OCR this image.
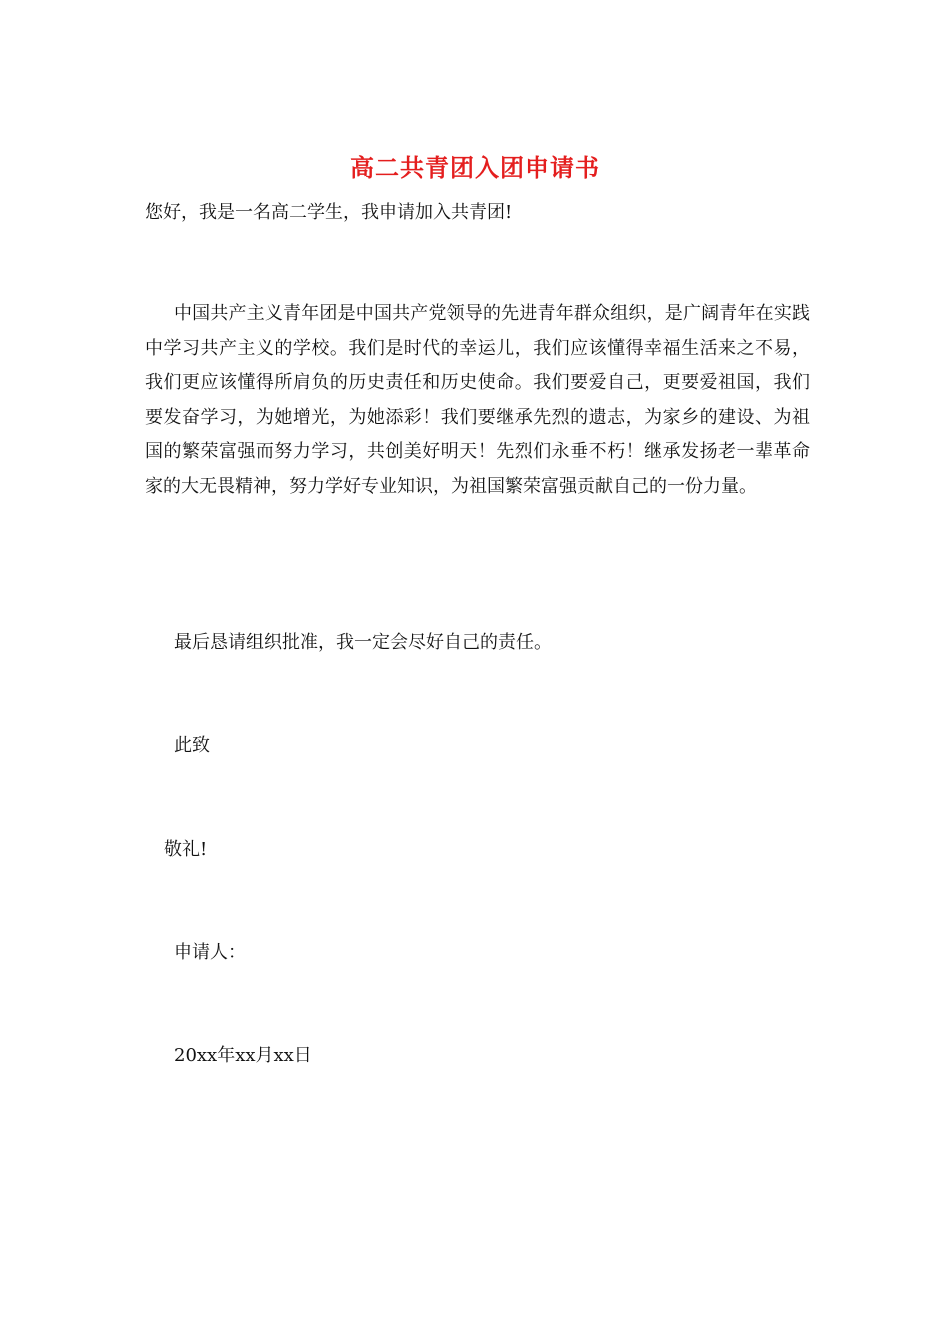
高二共青团入团申请书
您好，我是一名高二学生，我申请加入共青团!
中国共产主义青年团是中国共产党领导的先进青年群众组织，是广阔青年在实践中学习共产主义的学校。我们是时代的幸运儿，我们应该懂得幸福生活来之不易，我们更应该懂得所肩负的历史责任和历史使命。我们要爱自己，更要爱祖国，我们要发奋学习，为她增光，为她添彩！我们要继承先烈的遗志，为家乡的建设、为祖国的繁荣富强而努力学习，共创美好明天！先烈们永垂不朽！继承发扬老一辈革命家的大无畏精神，努力学好专业知识，为祖国繁荣富强贡献自己的一份力量。
最后恳请组织批准，我一定会尽好自己的责任。
此致
敬礼!
申请人：
20xx年xx月xx日
